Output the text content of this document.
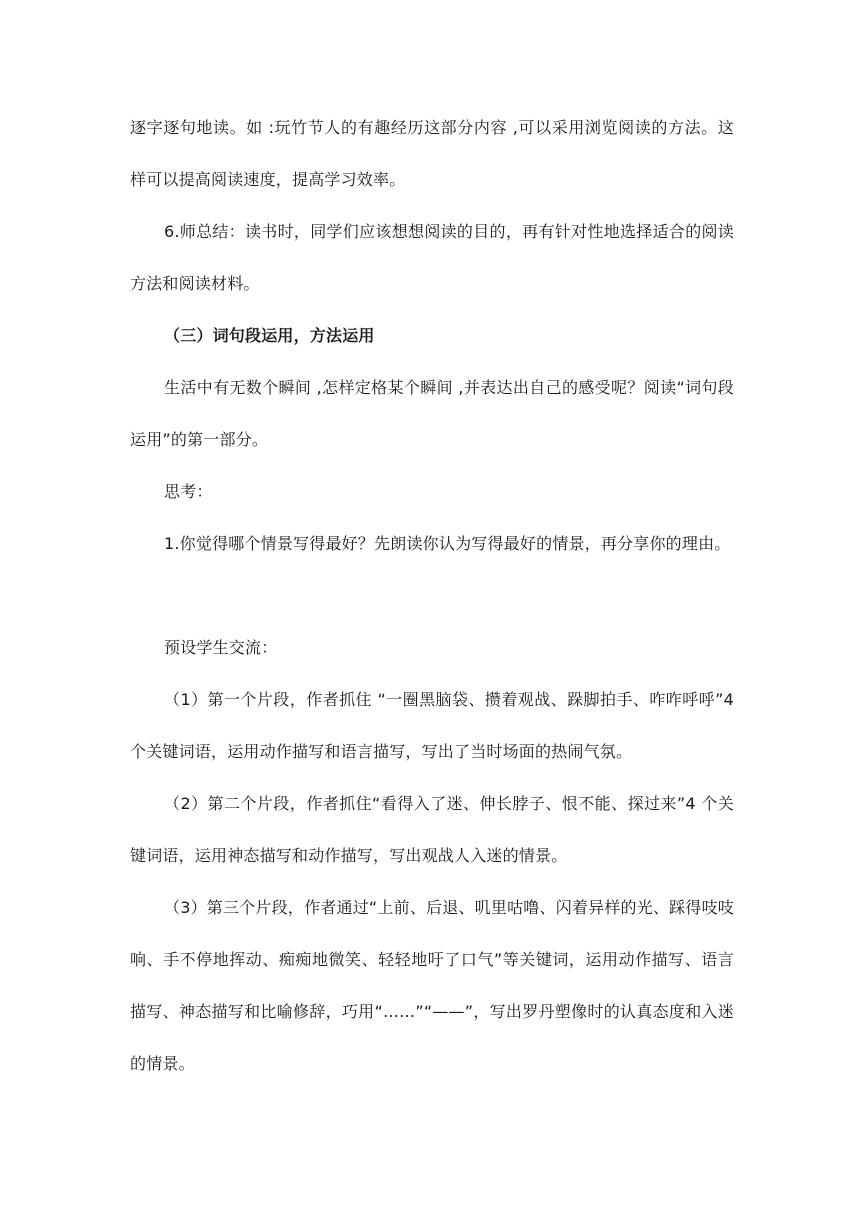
逐字逐句地读。如 :玩竹节人的有趣经历这部分内容 ,可以采用浏览阅读的方法。这样可以提高阅读速度，提高学习效率。

6.师总结：读书时，同学们应该想想阅读的目的，再有针对性地选择适合的阅读方法和阅读材料。

（三）词句段运用，方法运用

生活中有无数个瞬间 ,怎样定格某个瞬间 ,并表达出自己的感受呢？阅读“词句段运用”的第一部分。

思考：

1.你觉得哪个情景写得最好？先朗读你认为写得最好的情景，再分享你的理由。

预设学生交流：

（1）第一个片段，作者抓住 “一圈黑脑袋、攒着观战、跺脚拍手、咋咋呼呼”4 个关键词语，运用动作描写和语言描写，写出了当时场面的热闹气氛。

（2）第二个片段，作者抓住“看得入了迷、伸长脖子、恨不能、探过来”4 个关键词语，运用神态描写和动作描写，写出观战人入迷的情景。

（3）第三个片段，作者通过“上前、后退、叽里咕噜、闪着异样的光、踩得吱吱响、手不停地挥动、痴痴地微笑、轻轻地吁了口气”等关键词，运用动作描写、语言描写、神态描写和比喻修辞，巧用“……”“——”，写出罗丹塑像时的认真态度和入迷的情景。
